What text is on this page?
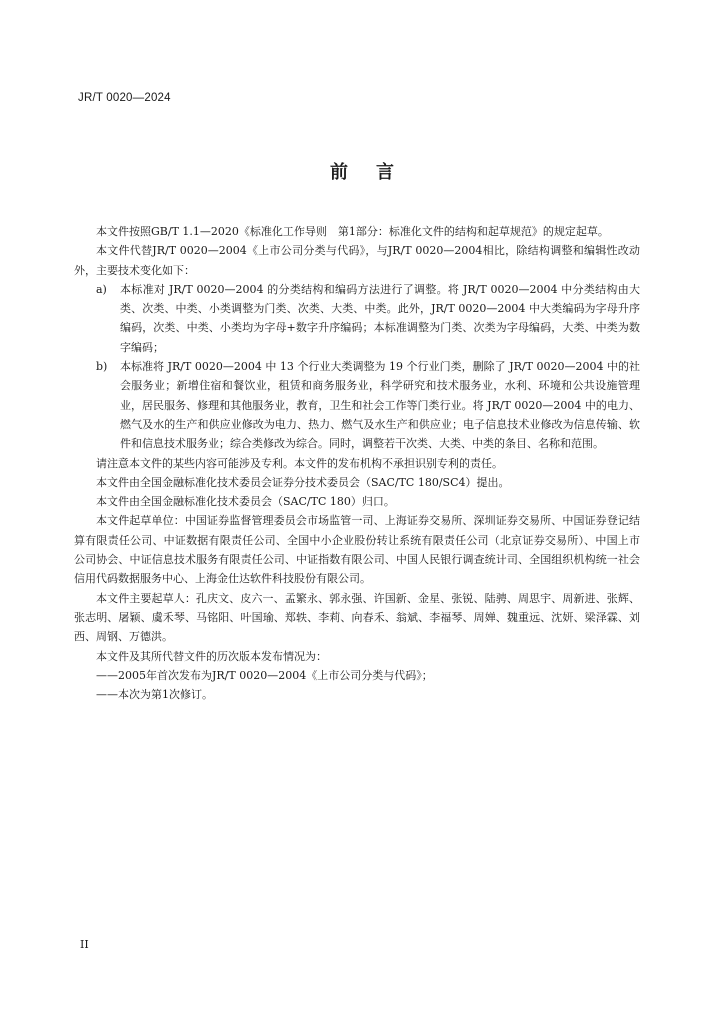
JR/T 0020—2024
前言

本文件按照GB/T 1.1—2020《标准化工作导则　第1部分：标准化文件的结构和起草规范》的规定起草。

本文件代替JR/T 0020—2004《上市公司分类与代码》，与JR/T 0020—2004相比，除结构调整和编辑性改动外，主要技术变化如下：

a) 本标准对 JR/T 0020—2004 的分类结构和编码方法进行了调整。将 JR/T 0020—2004 中分类结构由大类、次类、中类、小类调整为门类、次类、大类、中类。此外，JR/T 0020—2004 中大类编码为字母升序编码，次类、中类、小类均为字母+数字升序编码；本标准调整为门类、次类为字母编码，大类、中类为数字编码；
b) 本标准将 JR/T 0020—2004 中 13 个行业大类调整为 19 个行业门类，删除了 JR/T 0020—2004 中的社会服务业；新增住宿和餐饮业，租赁和商务服务业，科学研究和技术服务业，水利、环境和公共设施管理业，居民服务、修理和其他服务业，教育，卫生和社会工作等门类行业。将 JR/T 0020—2004 中的电力、燃气及水的生产和供应业修改为电力、热力、燃气及水生产和供应业；电子信息技术业修改为信息传输、软件和信息技术服务业；综合类修改为综合。同时，调整若干次类、大类、中类的条目、名称和范围。

请注意本文件的某些内容可能涉及专利。本文件的发布机构不承担识别专利的责任。

本文件由全国金融标准化技术委员会证券分技术委员会（SAC/TC 180/SC4）提出。

本文件由全国金融标准化技术委员会（SAC/TC 180）归口。

本文件起草单位：中国证券监督管理委员会市场监管一司、上海证券交易所、深圳证券交易所、中国证券登记结算有限责任公司、中证数据有限责任公司、全国中小企业股份转让系统有限责任公司（北京证券交易所）、中国上市公司协会、中证信息技术服务有限责任公司、中证指数有限公司、中国人民银行调查统计司、全国组织机构统一社会信用代码数据服务中心、上海金仕达软件科技股份有限公司。

本文件主要起草人：孔庆文、皮六一、孟繁永、郭永强、许国新、金星、张锐、陆骋、周思宇、周新进、张辉、张志明、屠颖、虞禾琴、马铭阳、叶国瑜、郑轶、李莉、向春禾、翁斌、李福琴、周婵、魏重远、沈妍、梁泽霖、刘西、周钢、万德洪。

本文件及其所代替文件的历次版本发布情况为：

——2005年首次发布为JR/T 0020—2004《上市公司分类与代码》；

——本次为第1次修订。

II
